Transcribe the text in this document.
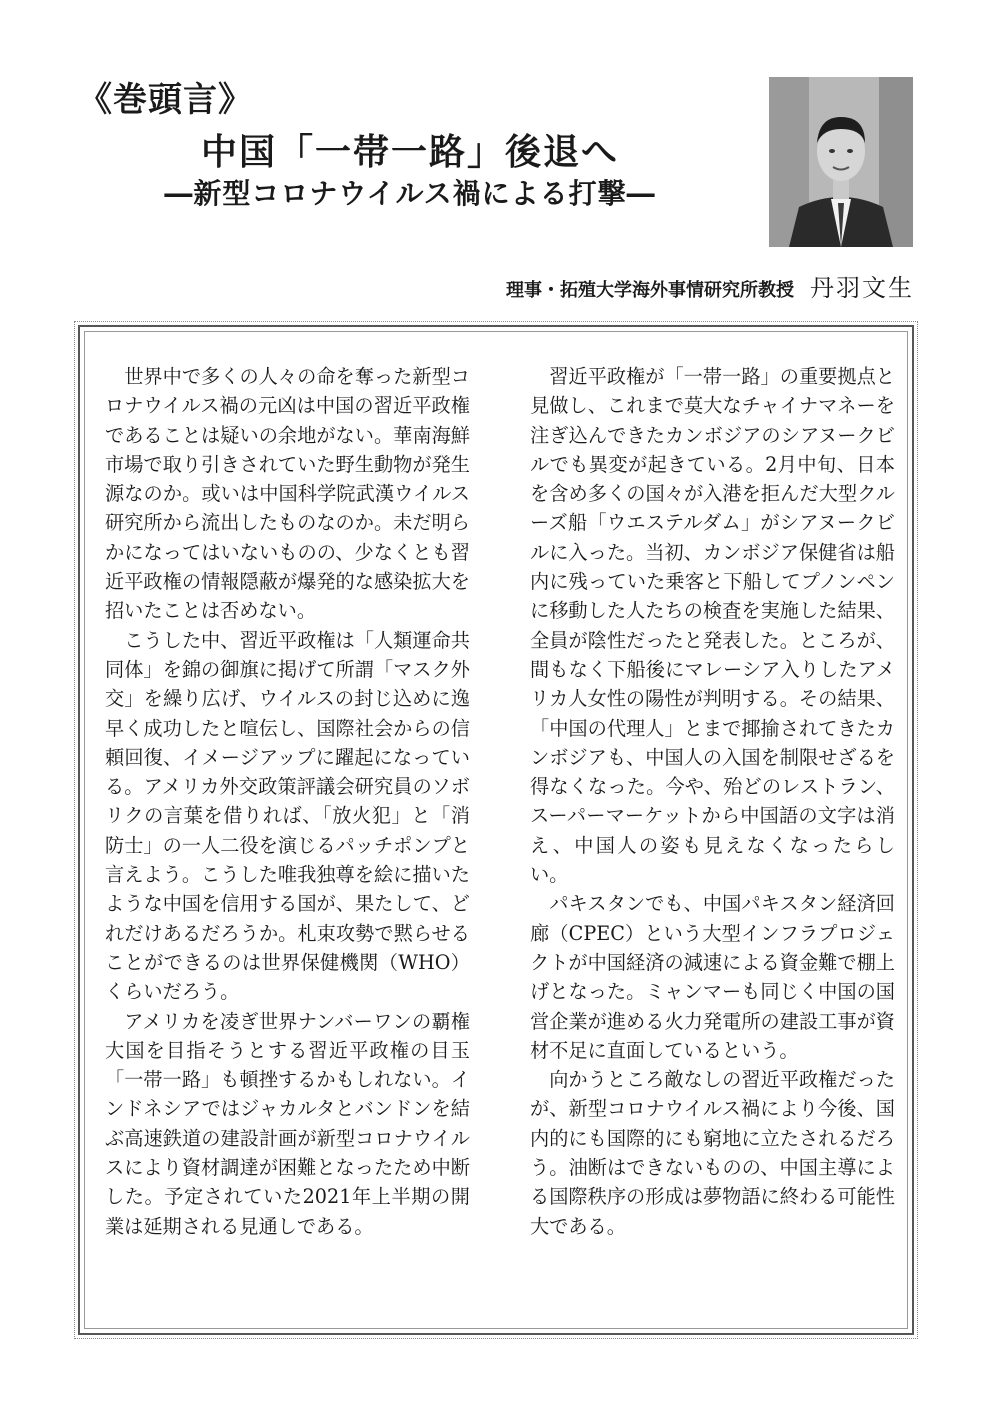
《巻頭言》
中国「一帯一路」後退へ
―新型コロナウイルス禍による打撃―
理事・拓殖大学海外事情研究所教授 丹羽文生

世界中で多くの人々の命を奪った新型コロナウイルス禍の元凶は中国の習近平政権であることは疑いの余地がない。華南海鮮市場で取り引きされていた野生動物が発生源なのか。或いは中国科学院武漢ウイルス研究所から流出したものなのか。未だ明らかになってはいないものの、少なくとも習近平政権の情報隠蔽が爆発的な感染拡大を招いたことは否めない。

こうした中、習近平政権は「人類運命共同体」を錦の御旗に掲げて所謂「マスク外交」を繰り広げ、ウイルスの封じ込めに逸早く成功したと喧伝し、国際社会からの信頼回復、イメージアップに躍起になっている。アメリカ外交政策評議会研究員のソボリクの言葉を借りれば、「放火犯」と「消防士」の一人二役を演じるパッチポンプと言えよう。こうした唯我独尊を絵に描いたような中国を信用する国が、果たして、どれだけあるだろうか。札束攻勢で黙らせることができるのは世界保健機関（WHO）くらいだろう。

アメリカを凌ぎ世界ナンバーワンの覇権大国を目指そうとする習近平政権の目玉「一帯一路」も頓挫するかもしれない。インドネシアではジャカルタとバンドンを結ぶ高速鉄道の建設計画が新型コロナウイルスにより資材調達が困難となったため中断した。予定されていた2021年上半期の開業は延期される見通しである。

習近平政権が「一帯一路」の重要拠点と見做し、これまで莫大なチャイナマネーを注ぎ込んできたカンボジアのシアヌークビルでも異変が起きている。2月中旬、日本を含め多くの国々が入港を拒んだ大型クルーズ船「ウエステルダム」がシアヌークビルに入った。当初、カンボジア保健省は船内に残っていた乗客と下船してプノンペンに移動した人たちの検査を実施した結果、全員が陰性だったと発表した。ところが、間もなく下船後にマレーシア入りしたアメリカ人女性の陽性が判明する。その結果、「中国の代理人」とまで揶揄されてきたカンボジアも、中国人の入国を制限せざるを得なくなった。今や、殆どのレストラン、スーパーマーケットから中国語の文字は消え、中国人の姿も見えなくなったらしい。

パキスタンでも、中国パキスタン経済回廊（CPEC）という大型インフラプロジェクトが中国経済の減速による資金難で棚上げとなった。ミャンマーも同じく中国の国営企業が進める火力発電所の建設工事が資材不足に直面しているという。

向かうところ敵なしの習近平政権だったが、新型コロナウイルス禍により今後、国内的にも国際的にも窮地に立たされるだろう。油断はできないものの、中国主導による国際秩序の形成は夢物語に終わる可能性大である。
